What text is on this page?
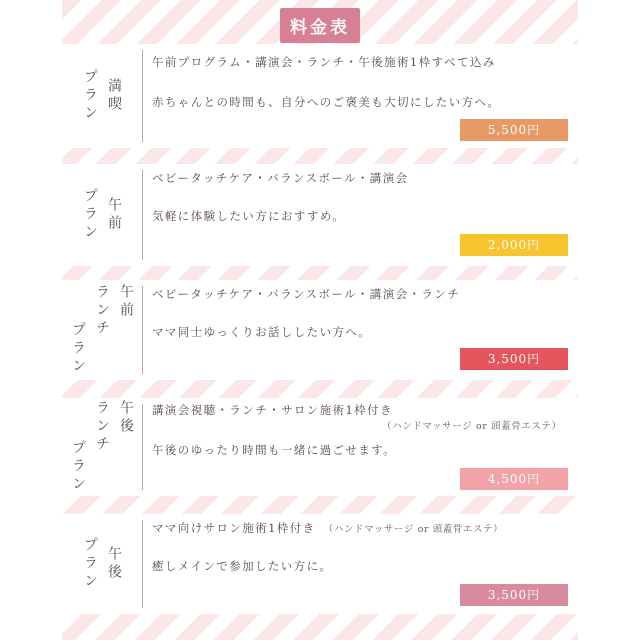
料金表
満喫
プラン
午前プログラム・講演会・ランチ・午後施術1枠すべて込み
赤ちゃんとの時間も、自分へのご褒美も大切にしたい方へ。
5,500円
午前
プラン
ベビータッチケア・バランスボール・講演会
気軽に体験したい方におすすめ。
2,000円
午前
ランチ
プラン
ベビータッチケア・バランスボール・講演会・ランチ
ママ同士ゆっくりお話ししたい方へ。
3,500円
午後
ランチ
プラン
講演会視聴・ランチ・サロン施術1枠付き
（ハンドマッサージ or 頭蓋骨エステ）
午後のゆったり時間も一緒に過ごせます。
4,500円
午後
プラン
ママ向けサロン施術1枠付き　 （ハンドマッサージ or 頭蓋骨エステ）
癒しメインで参加したい方に。
3,500円
